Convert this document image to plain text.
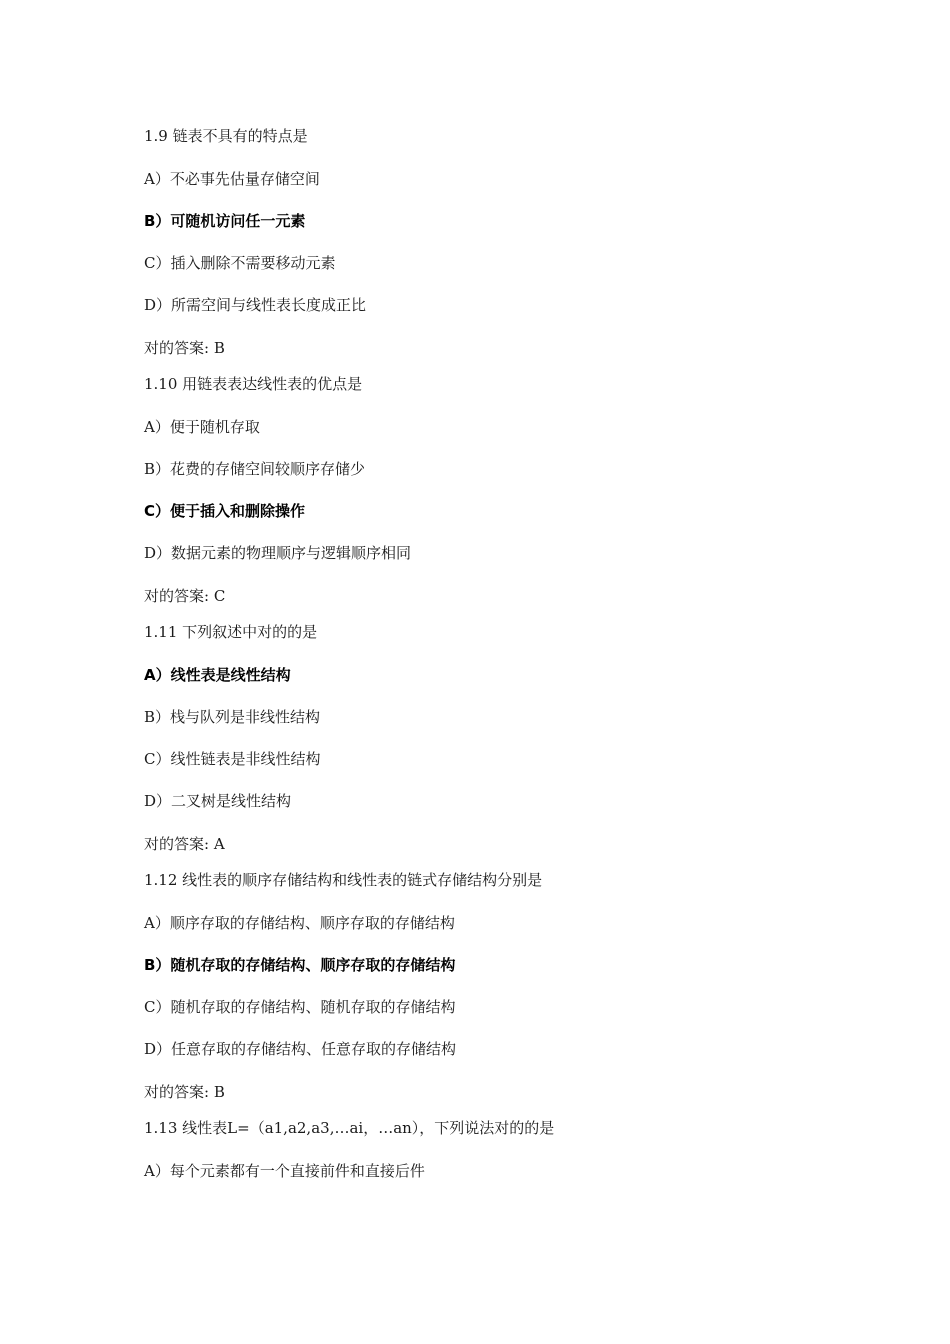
1.9 链表不具有的特点是

A）不必事先估量存储空间

B）可随机访问任一元素

C）插入删除不需要移动元素

D）所需空间与线性表长度成正比

对的答案: B

1.10 用链表表达线性表的优点是

A）便于随机存取

B）花费的存储空间较顺序存储少

C）便于插入和删除操作

D）数据元素的物理顺序与逻辑顺序相同

对的答案: C

1.11 下列叙述中对的的是

A）线性表是线性结构

B）栈与队列是非线性结构

C）线性链表是非线性结构

D）二叉树是线性结构

对的答案: A

1.12 线性表的顺序存储结构和线性表的链式存储结构分别是

A）顺序存取的存储结构、顺序存取的存储结构

B）随机存取的存储结构、顺序存取的存储结构

C）随机存取的存储结构、随机存取的存储结构

D）任意存取的存储结构、任意存取的存储结构

对的答案: B

1.13 线性表L=（a1,a2,a3,…ai，…an），下列说法对的的是

A）每个元素都有一个直接前件和直接后件
